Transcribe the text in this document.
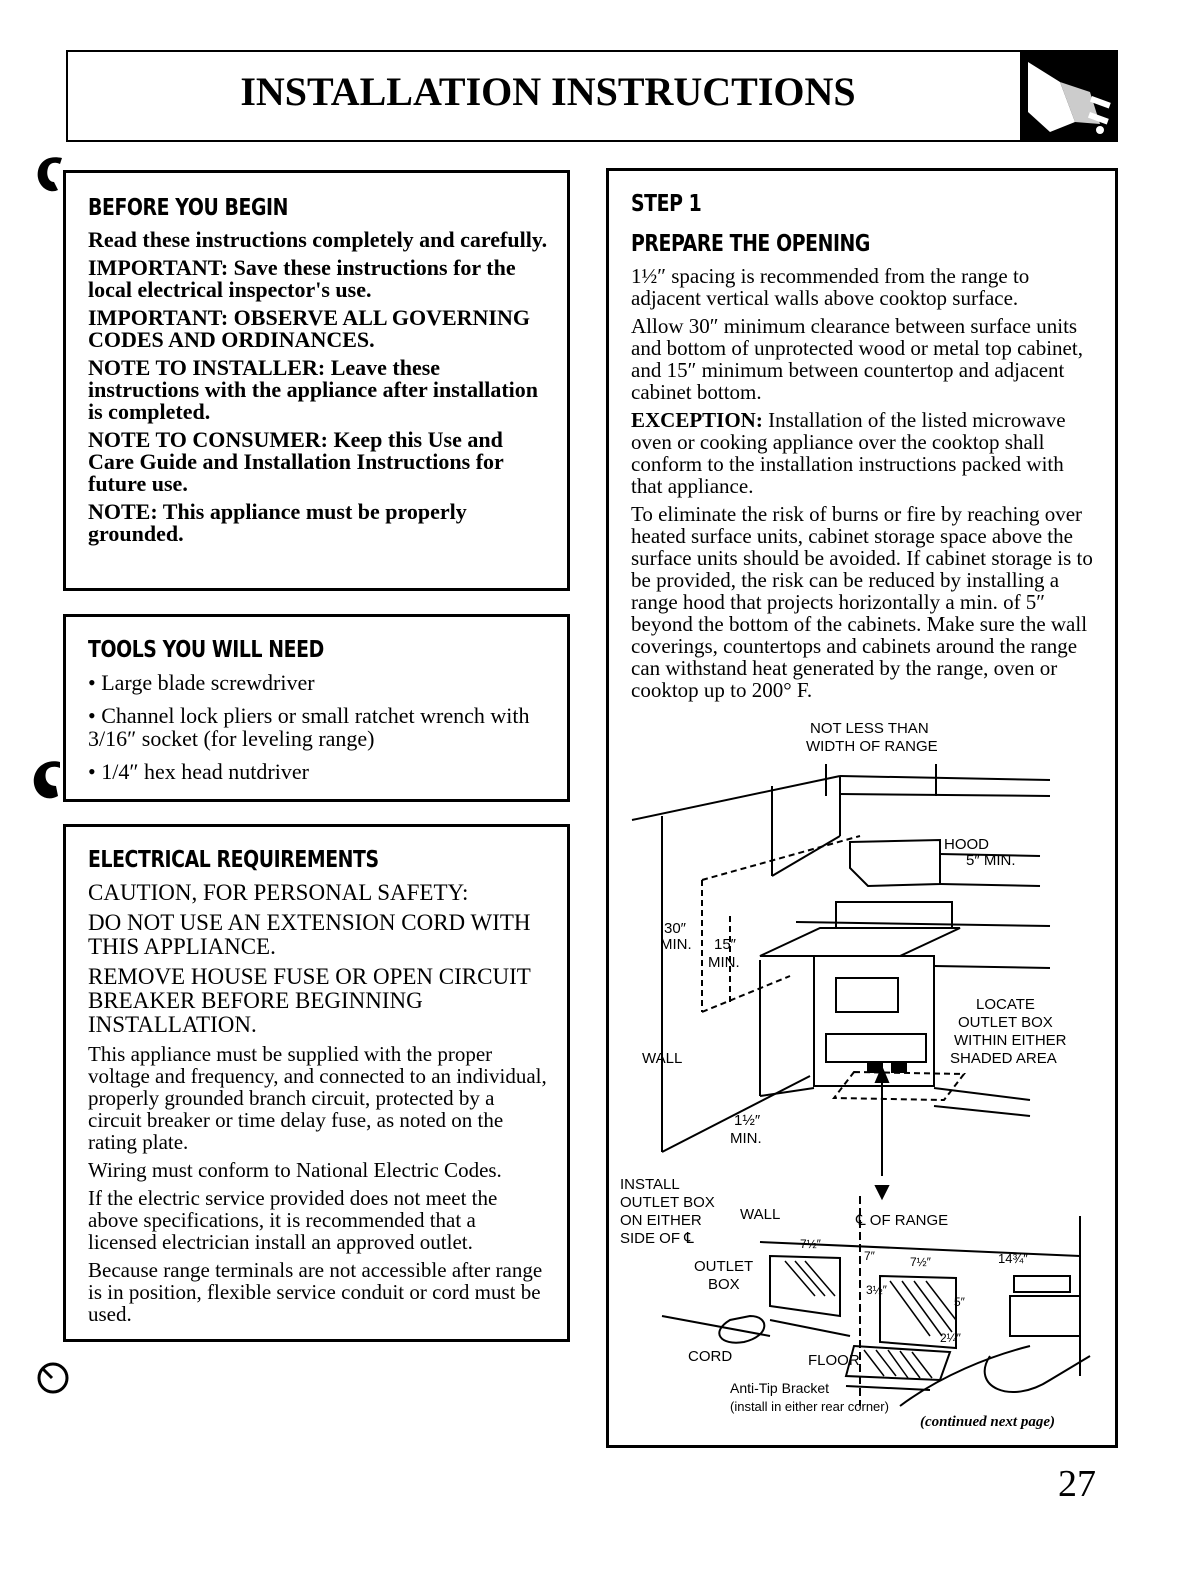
INSTALLATION INSTRUCTIONS
BEFORE YOU BEGIN

Read these instructions completely and carefully.

IMPORTANT: Save these instructions for the local electrical inspector's use.

IMPORTANT: OBSERVE ALL GOVERNING CODES AND ORDINANCES.

NOTE TO INSTALLER: Leave these instructions with the appliance after installation is completed.

NOTE TO CONSUMER: Keep this Use and Care Guide and Installation Instructions for future use.

NOTE: This appliance must be properly grounded.

TOOLS YOU WILL NEED
• Large blade screwdriver
• Channel lock pliers or small ratchet wrench with 3/16″ socket (for leveling range)
• 1/4″ hex head nutdriver
ELECTRICAL REQUIREMENTS

CAUTION, FOR PERSONAL SAFETY:

DO NOT USE AN EXTENSION CORD WITH THIS APPLIANCE.

REMOVE HOUSE FUSE OR OPEN CIRCUIT BREAKER BEFORE BEGINNING INSTALLATION.

This appliance must be supplied with the proper voltage and frequency, and connected to an individual, properly grounded branch circuit, protected by a circuit breaker or time delay fuse, as noted on the rating plate.

Wiring must conform to National Electric Codes.

If the electric service provided does not meet the above specifications, it is recommended that a licensed electrician install an approved outlet.

Because range terminals are not accessible after range is in position, flexible service conduit or cord must be used.

STEP 1
PREPARE THE OPENING

1½″ spacing is recommended from the range to adjacent vertical walls above cooktop surface.

Allow 30″ minimum clearance between surface units and bottom of unprotected wood or metal top cabinet, and 15″ minimum between countertop and adjacent cabinet bottom.

EXCEPTION: Installation of the listed microwave oven or cooking appliance over the cooktop shall conform to the installation instructions packed with that appliance.

To eliminate the risk of burns or fire by reaching over heated surface units, cabinet storage space above the surface units should be avoided. If cabinet storage is to be provided, the risk can be reduced by installing a range hood that projects horizontally a min. of 5″ beyond the bottom of the cabinets. Make sure the wall coverings, countertops and cabinets around the range can withstand heat generated by the range, oven or cooktop up to 200° F.

NOT LESS THAN
WIDTH OF RANGE
HOOD
5″ MIN.
30″
MIN. 15″
MIN.
LOCATE
OUTLET BOX
WITHIN EITHER
SHADED AREA
WALL
1½″
MIN.
INSTALL
OUTLET BOX
ON EITHER
SIDE OF ℄
WALL	℄ OF RANGE
7½″
7″	7½″	14¾″
3½″
5″
2¼″
OUTLET
BOX
CORD	FLOOR
Anti-Tip Bracket
(install in either rear corner)
(continued next page)
27
